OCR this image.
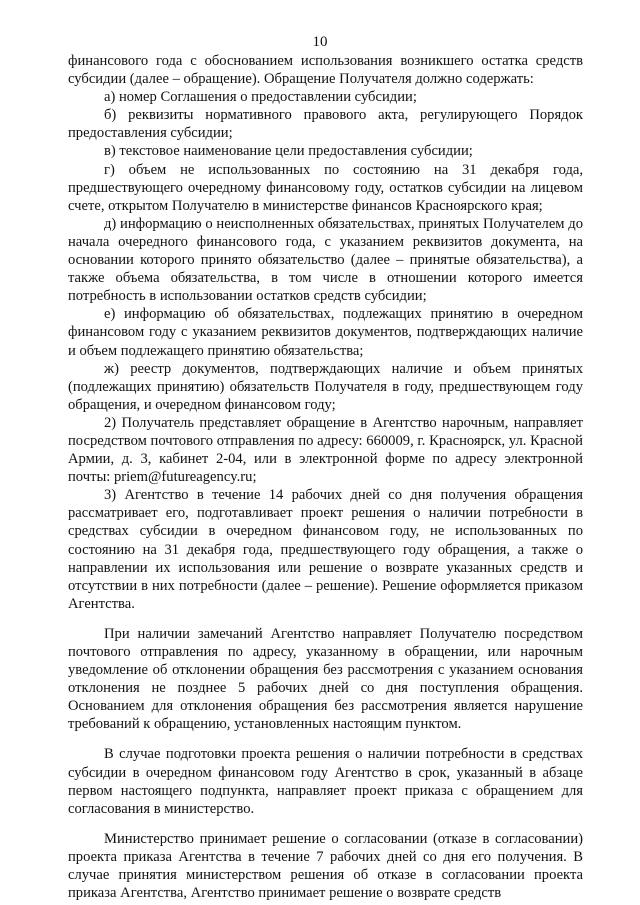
10

финансового года с обоснованием использования возникшего остатка средств субсидии (далее – обращение). Обращение Получателя должно содержать:

а) номер Соглашения о предоставлении субсидии;

б) реквизиты нормативного правового акта, регулирующего Порядок предоставления субсидии;

в) текстовое наименование цели предоставления субсидии;

г) объем не использованных по состоянию на 31 декабря года, предшествующего очередному финансовому году, остатков субсидии на лицевом счете, открытом Получателю в министерстве финансов Красноярского края;

д) информацию о неисполненных обязательствах, принятых Получателем до начала очередного финансового года, с указанием реквизитов документа, на основании которого принято обязательство (далее – принятые обязательства), а также объема обязательства, в том числе в отношении которого имеется потребность в использовании остатков средств субсидии;

е) информацию об обязательствах, подлежащих принятию в очередном финансовом году с указанием реквизитов документов, подтверждающих наличие и объем подлежащего принятию обязательства;

ж) реестр документов, подтверждающих наличие и объем принятых (подлежащих принятию) обязательств Получателя в году, предшествующем году обращения, и очередном финансовом году;

2) Получатель представляет обращение в Агентство нарочным, направляет посредством почтового отправления по адресу: 660009, г. Красноярск, ул. Красной Армии, д. 3, кабинет 2-04, или в электронной форме по адресу электронной почты: priem@futureagency.ru;

3) Агентство в течение 14 рабочих дней со дня получения обращения рассматривает его, подготавливает проект решения о наличии потребности в средствах субсидии в очередном финансовом году, не использованных по состоянию на 31 декабря года, предшествующего году обращения, а также о направлении их использования или решение о возврате указанных средств и отсутствии в них потребности (далее – решение). Решение оформляется приказом Агентства.

При наличии замечаний Агентство направляет Получателю посредством почтового отправления по адресу, указанному в обращении, или нарочным уведомление об отклонении обращения без рассмотрения с указанием основания отклонения не позднее 5 рабочих дней со дня поступления обращения. Основанием для отклонения обращения без рассмотрения является нарушение требований к обращению, установленных настоящим пунктом.

В случае подготовки проекта решения о наличии потребности в средствах субсидии в очередном финансовом году Агентство в срок, указанный в абзаце первом настоящего подпункта, направляет проект приказа с обращением для согласования в министерство.

Министерство принимает решение о согласовании (отказе в согласовании) проекта приказа Агентства в течение 7 рабочих дней со дня его получения. В случае принятия министерством решения об отказе в согласовании проекта приказа Агентства, Агентство принимает решение о возврате средств
